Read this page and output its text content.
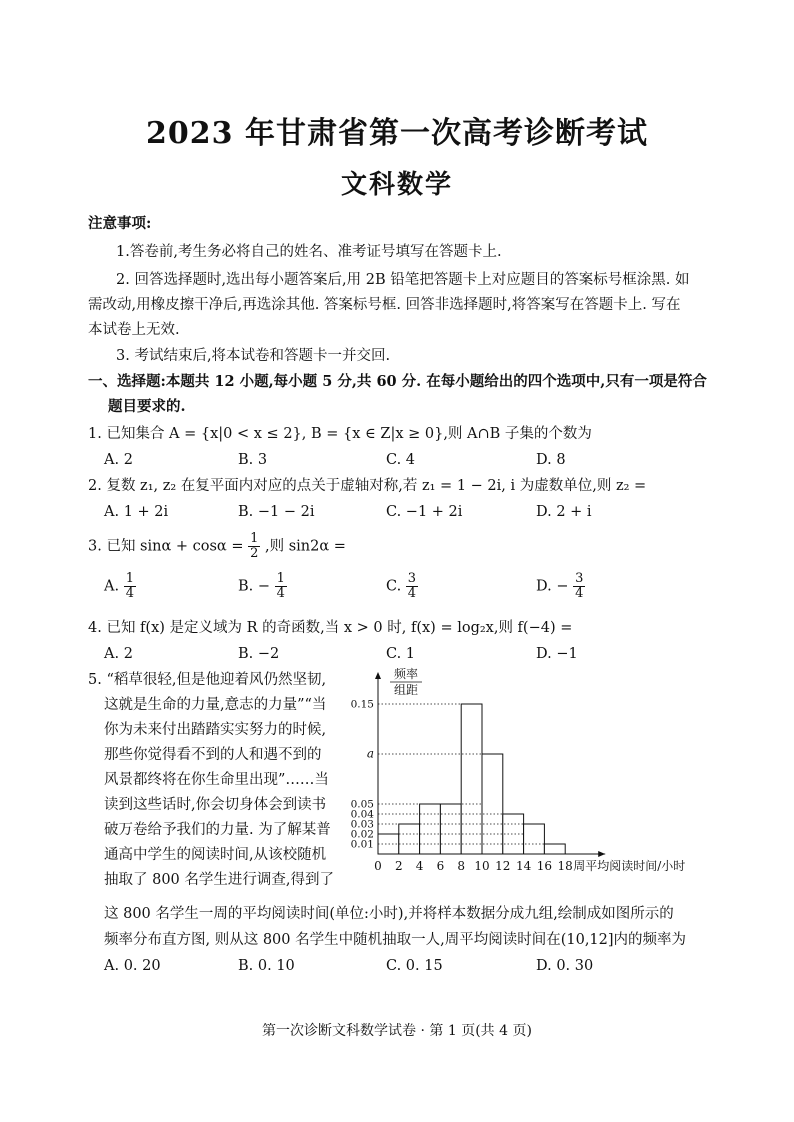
2023 年甘肃省第一次高考诊断考试
文科数学
注意事项:
1.答卷前,考生务必将自己的姓名、准考证号填写在答题卡上.
2. 回答选择题时,选出每小题答案后,用 2B 铅笔把答题卡上对应题目的答案标号框涂黑. 如
需改动,用橡皮擦干净后,再选涂其他. 答案标号框. 回答非选择题时,将答案写在答题卡上. 写在
本试卷上无效.
3. 考试结束后,将本试卷和答题卡一并交回.
一、选择题:本题共 12 小题,每小题 5 分,共 60 分. 在每小题给出的四个选项中,只有一项是符合
题目要求的.
1. 已知集合 A = {x|0 < x ≤ 2}, B = {x ∈ Z|x ≥ 0},则 A∩B 子集的个数为
A. 2	B. 3	C. 4	D. 8
2. 复数 z₁, z₂ 在复平面内对应的点关于虚轴对称,若 z₁ = 1 − 2i, i 为虚数单位,则 z₂ =
A. 1 + 2i	B. −1 − 2i	C. −1 + 2i	D. 2 + i
3. 已知 $\sin\alpha + \cos\alpha = \frac{1}{2}$ ,则 sin2α =
A. $\frac{1}{4}$	B. − $\frac{1}{4}$	C. $\frac{3}{4}$	D. − $\frac{3}{4}$
4. 已知 f(x) 是定义域为 R 的奇函数,当 x > 0 时, f(x) = log₂x,则 f(−4) =
A. 2	B. −2	C. 1	D. −1
5. “稻草很轻,但是他迎着风仍然坚韧,
这就是生命的力量,意志的力量”“当
你为未来付出踏踏实实努力的时候,
那些你觉得看不到的人和遇不到的
风景都终将在你生命里出现”……当
读到这些话时,你会切身体会到读书
破万卷给予我们的力量. 为了解某普
通高中学生的阅读时间,从该校随机
抽取了 800 名学生进行调查,得到了
这 800 名学生一周的平均阅读时间(单位:小时),并将样本数据分成九组,绘制成如图所示的
频率分布直方图, 则从这 800 名学生中随机抽取一人,周平均阅读时间在(10,12]内的频率为
A. 0. 20	B. 0. 10	C. 0. 15	D. 0. 30
0.15
a
0.05
0.04
0.03
0.02
0.01
频率
组距
0 2 4 6 8 10 12 14 16 18 周平均阅读时间/小时
第一次诊断文科数学试卷 · 第 1 页(共 4 页)
